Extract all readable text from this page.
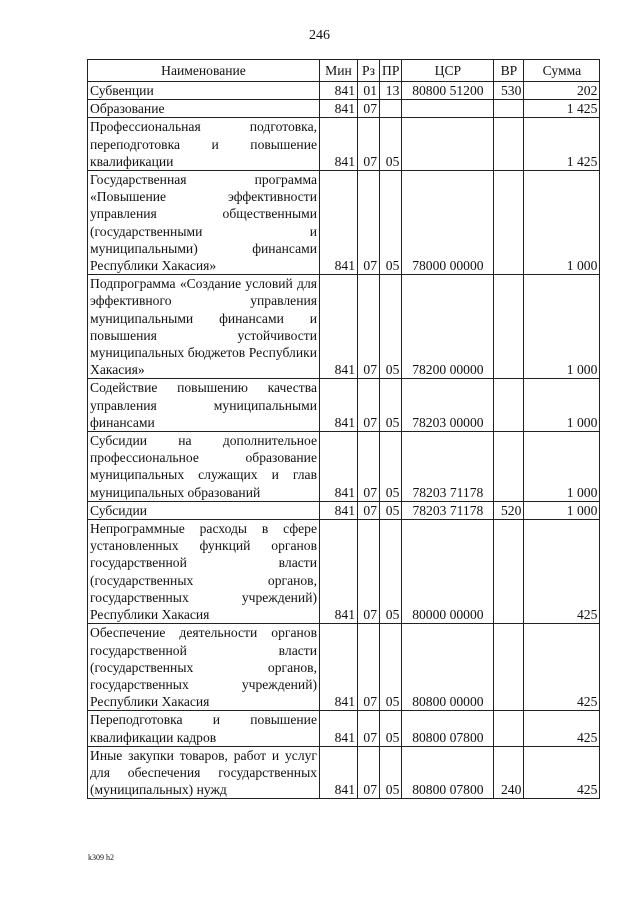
246
Наименование	Мин	Рз	ПР	ЦСР	ВР	Сумма
Субвенции	841	01	13	80800 51200	530	202
Образование	841	07				1 425
Профессиональная подготовка, переподготовка и повышение квалификации	841	07	05			1 425
Государственная программа «Повышение эффективности управления общественными (государственными и муниципальными) финансами Республики Хакасия»	841	07	05	78000 00000		1 000
Подпрограмма «Создание условий для эффективного управления муниципальными финансами и повышения устойчивости муниципальных бюджетов Республики Хакасия»	841	07	05	78200 00000		1 000
Содействие повышению качества управления муниципальными финансами	841	07	05	78203 00000		1 000
Субсидии на дополнительное профессиональное образование муниципальных служащих и глав муниципальных образований	841	07	05	78203 71178		1 000
Субсидии	841	07	05	78203 71178	520	1 000
Непрограммные расходы в сфере установленных функций органов государственной власти (государственных органов, государственных учреждений) Республики Хакасия	841	07	05	80000 00000		425
Обеспечение деятельности органов государственной власти (государственных органов, государственных учреждений) Республики Хакасия	841	07	05	80800 00000		425
Переподготовка и повышение квалификации кадров	841	07	05	80800 07800		425
Иные закупки товаров, работ и услуг для обеспечения государственных (муниципальных) нужд	841	07	05	80800 07800	240	425
k309 h2
